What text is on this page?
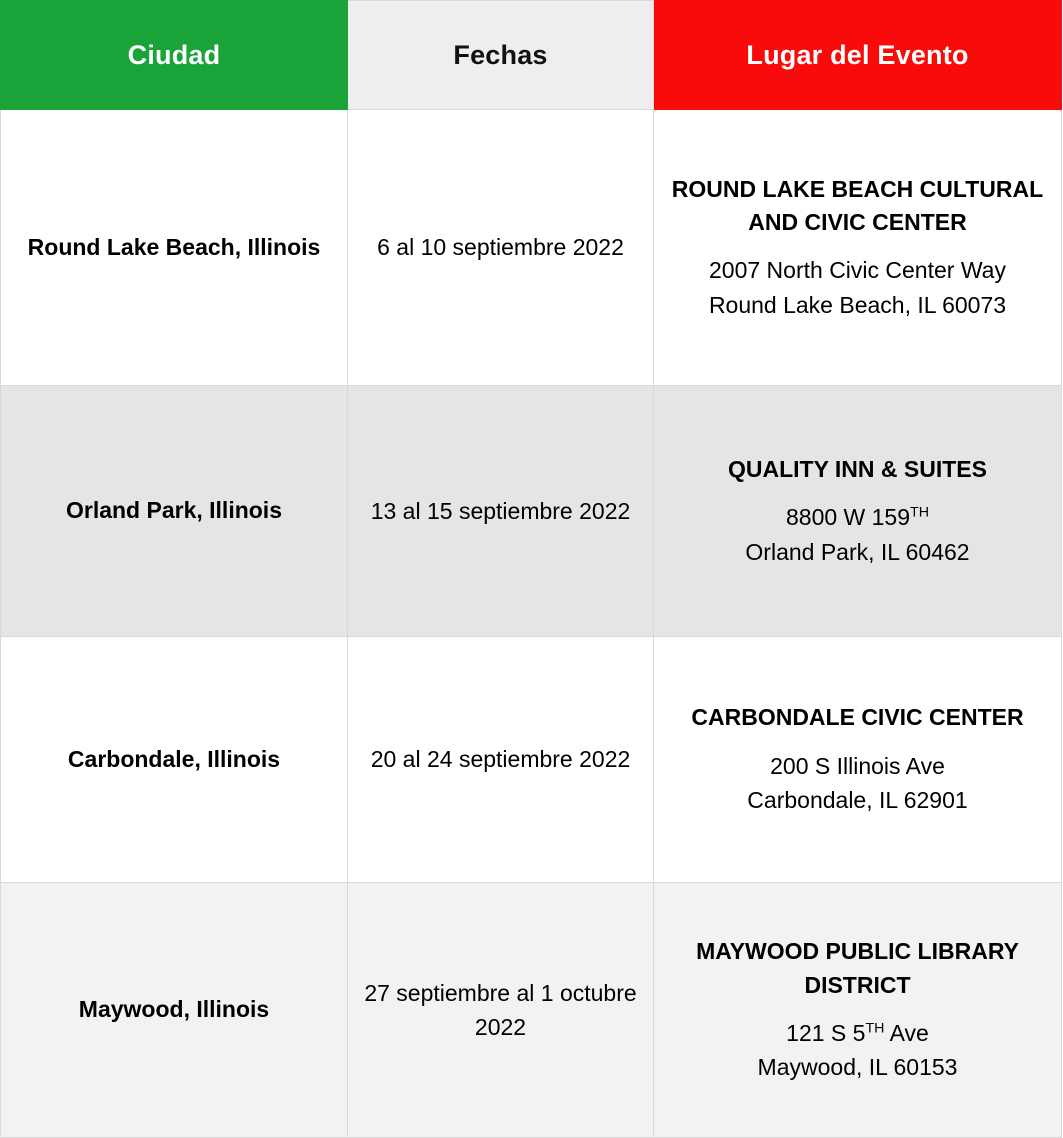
Ciudad	Fechas	Lugar del Evento
Round Lake Beach, Illinois	6 al 10 septiembre 2022	ROUND LAKE BEACH CULTURAL AND CIVIC CENTER
2007 North Civic Center Way
Round Lake Beach, IL 60073

Orland Park, Illinois	13 al 15 septiembre 2022	QUALITY INN & SUITES
8800 W 159TH
Orland Park, IL 60462

Carbondale, Illinois	20 al 24 septiembre 2022	CARBONDALE CIVIC CENTER
200 S Illinois Ave
Carbondale, IL 62901

Maywood, Illinois	27 septiembre al 1 octubre 2022	MAYWOOD PUBLIC LIBRARY DISTRICT
121 S 5TH Ave
Maywood, IL 60153
